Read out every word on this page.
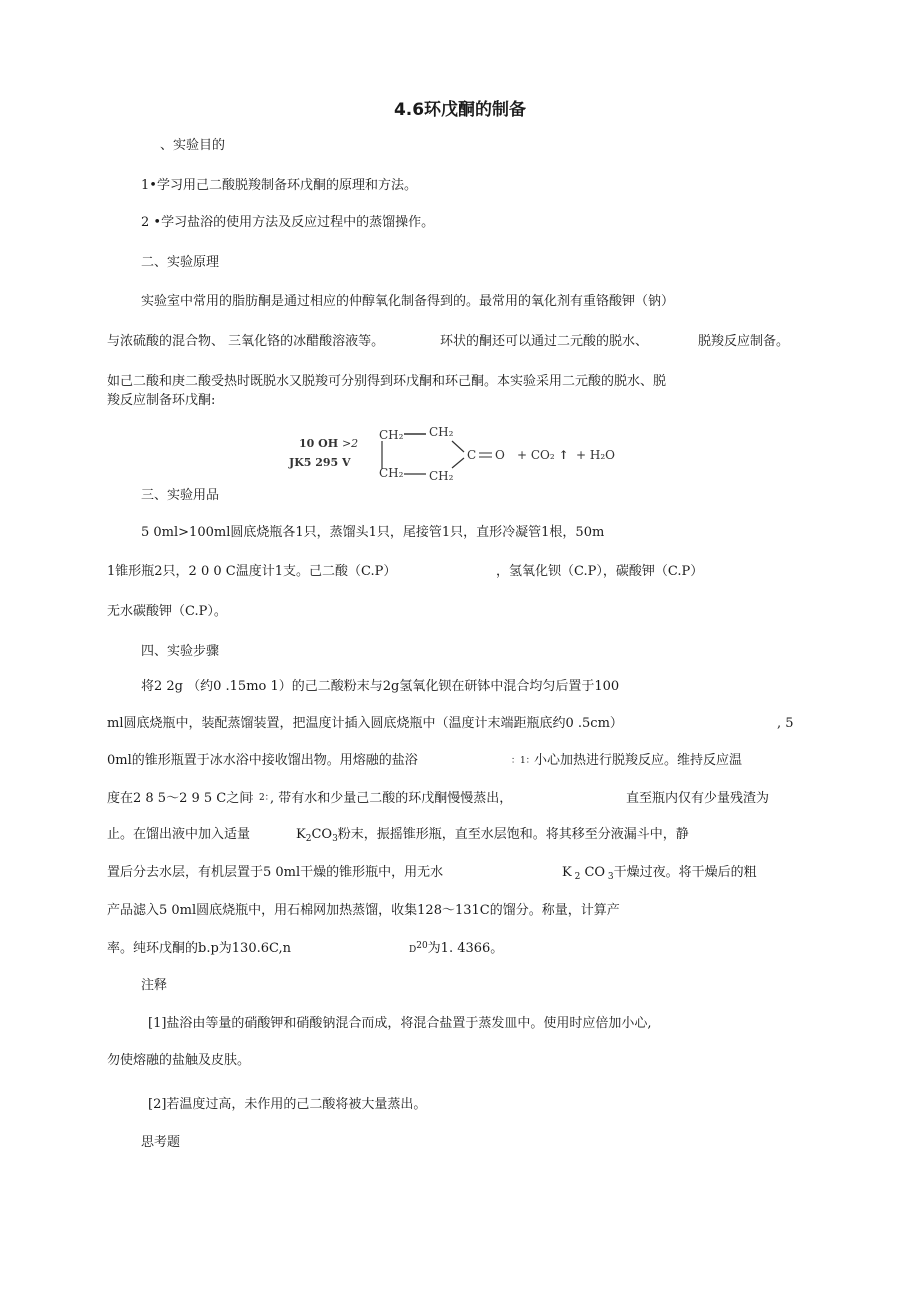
4.6环戊酮的制备
、实验目的
1•学习用己二酸脱羧制备环戊酮的原理和方法。
2 •学习盐浴的使用方法及反应过程中的蒸馏操作。
二、实验原理
实验室中常用的脂肪酮是通过相应的仲醇氧化制备得到的。最常用的氧化剂有重铬酸钾（钠）
与浓硫酸的混合物、 三氧化铬的冰醋酸溶液等。	环状的酮还可以通过二元酸的脱水、	脱羧反应制备。
如己二酸和庚二酸受热时既脱水又脱羧可分别得到环戊酮和环己酮。本实验采用二元酸的脱水、脱
羧反应制备环戊酮:
10 OH >2
JK5 295 V
CH₂ CH₂
CH₂ CH₂
C O + CO₂ ↑ + H₂O
三、实验用品
5 0ml>100ml圆底烧瓶各1只，蒸馏头1只，尾接管1只，直形冷凝管1根，50m
1锥形瓶2只，2 0 0 C温度计1支。己二酸（C.P）	，氢氧化钡（C.P），碳酸钾（C.P）
无水碳酸钾（C.P）。
四、实验步骤
将2 2g （约0 .15mo 1）的己二酸粉末与2g氢氧化钡在研钵中混合均匀后置于100
ml圆底烧瓶中，装配蒸馏装置，把温度计插入圆底烧瓶中（温度计末端距瓶底约0 .5cm）	, 5
0ml的锥形瓶置于冰水浴中接收馏出物。用熔融的盐浴	：1： 小心加热进行脱羧反应。维持反应温
度在2 8 5～2 9 5 C之间
：2：
, 带有水和少量己二酸的环戊酮慢慢蒸出，	直至瓶内仅有少量残渣为
止。在馏出液中加入适量	$K_2CO_3$粉末，振摇锥形瓶，直至水层饱和。将其移至分液漏斗中，静
置后分去水层，有机层置于5 0ml干燥的锥形瓶中，用无水	K $_2$ CO $_3$干燥过夜。将干燥后的粗
产品滤入5 0ml圆底烧瓶中，用石棉网加热蒸馏，收集128～131C的馏分。称量，计算产
率。纯环戊酮的b.p为130.6C,n	$D^{20}$为1. 4366。
注释
[1]盐浴由等量的硝酸钾和硝酸钠混合而成，将混合盐置于蒸发皿中。使用时应倍加小心,
勿使熔融的盐触及皮肤。
[2]若温度过高，未作用的己二酸将被大量蒸出。
思考题
